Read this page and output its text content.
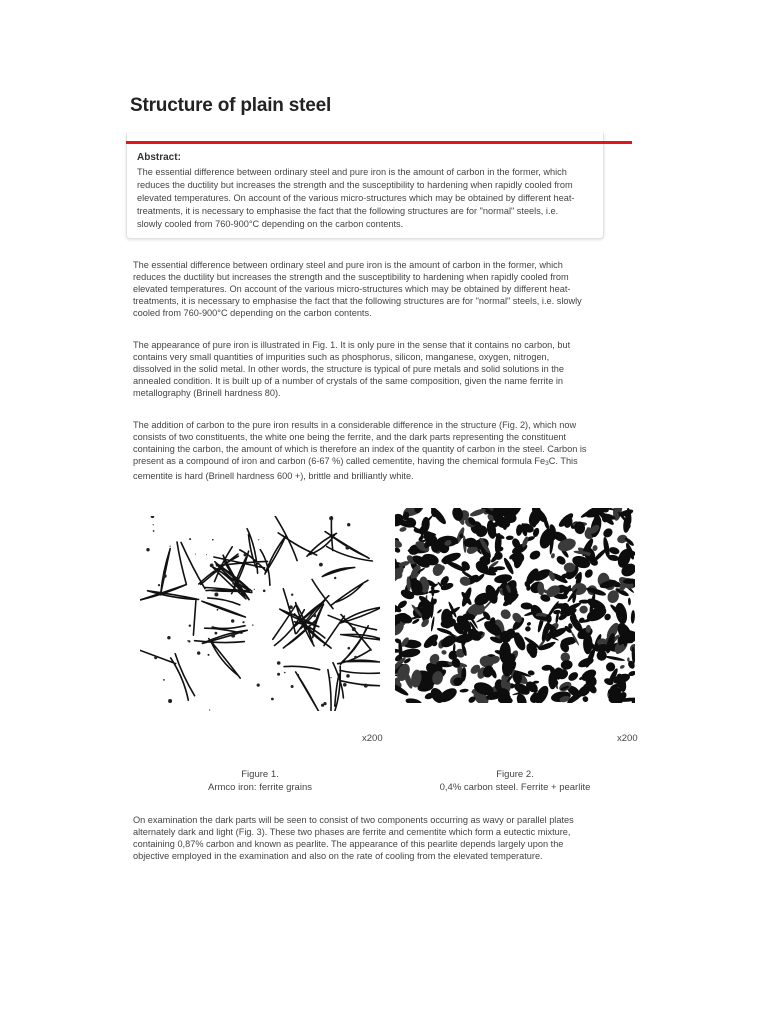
Structure of plain steel
Abstract:
The essential difference between ordinary steel and pure iron is the amount of carbon in the former, which
reduces the ductility but increases the strength and the susceptibility to hardening when rapidly cooled from
elevated temperatures. On account of the various micro-structures which may be obtained by different heat-
treatments, it is necessary to emphasise the fact that the following structures are for "normal" steels, i.e.
slowly cooled from 760-900°C depending on the carbon contents.
The essential difference between ordinary steel and pure iron is the amount of carbon in the former, which
reduces the ductility but increases the strength and the susceptibility to hardening when rapidly cooled from
elevated temperatures. On account of the various micro-structures which may be obtained by different heat-
treatments, it is necessary to emphasise the fact that the following structures are for "normal" steels, i.e. slowly
cooled from 760-900°C depending on the carbon contents.
The appearance of pure iron is illustrated in Fig. 1. It is only pure in the sense that it contains no carbon, but
contains very small quantities of impurities such as phosphorus, silicon, manganese, oxygen, nitrogen,
dissolved in the solid metal. In other words, the structure is typical of pure metals and solid solutions in the
annealed condition. It is built up of a number of crystals of the same composition, given the name ferrite in
metallography (Brinell hardness 80).
The addition of carbon to the pure iron results in a considerable difference in the structure (Fig. 2), which now
consists of two constituents, the white one being the ferrite, and the dark parts representing the constituent
containing the carbon, the amount of which is therefore an index of the quantity of carbon in the steel. Carbon is
present as a compound of iron and carbon (6-67 %) called cementite, having the chemical formula Fe3C. This
cementite is hard (Brinell hardness 600 +), brittle and brilliantly white.
x200	x200
Figure 1.
Armco iron: ferrite grains
Figure 2.
0,4% carbon steel. Ferrite + pearlite
On examination the dark parts will be seen to consist of two components occurring as wavy or parallel plates
alternately dark and light (Fig. 3). These two phases are ferrite and cementite which form a eutectic mixture,
containing 0,87% carbon and known as pearlite. The appearance of this pearlite depends largely upon the
objective employed in the examination and also on the rate of cooling from the elevated temperature.
